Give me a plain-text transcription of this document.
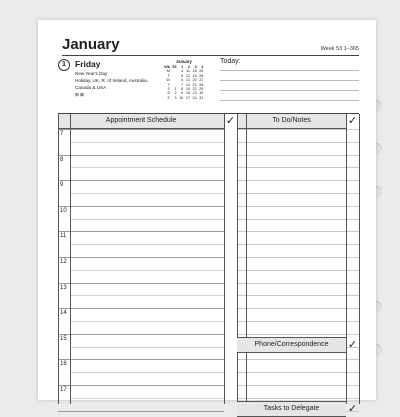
January	Week 53 1–365
1	Friday
New Year's Day
Holiday, UK, R. of Ireland, Australia,
Canada & USA
⊞ ⊠
January
Wk	53	1	2	3	4
M		4	11	18	25
T		5	12	19	26
W		6	13	20	27
T		7	14	21	28
F	1	8	15	22	29
S	2	9	16	23	30
S	3	10	17	24	31
Today:
Appointment Schedule	✓	To Do/Notes	✓
7
8
9
10
11
12
13
14
15
16
17
Phone/Correspondence	✓
Tasks to Delegate	✓
